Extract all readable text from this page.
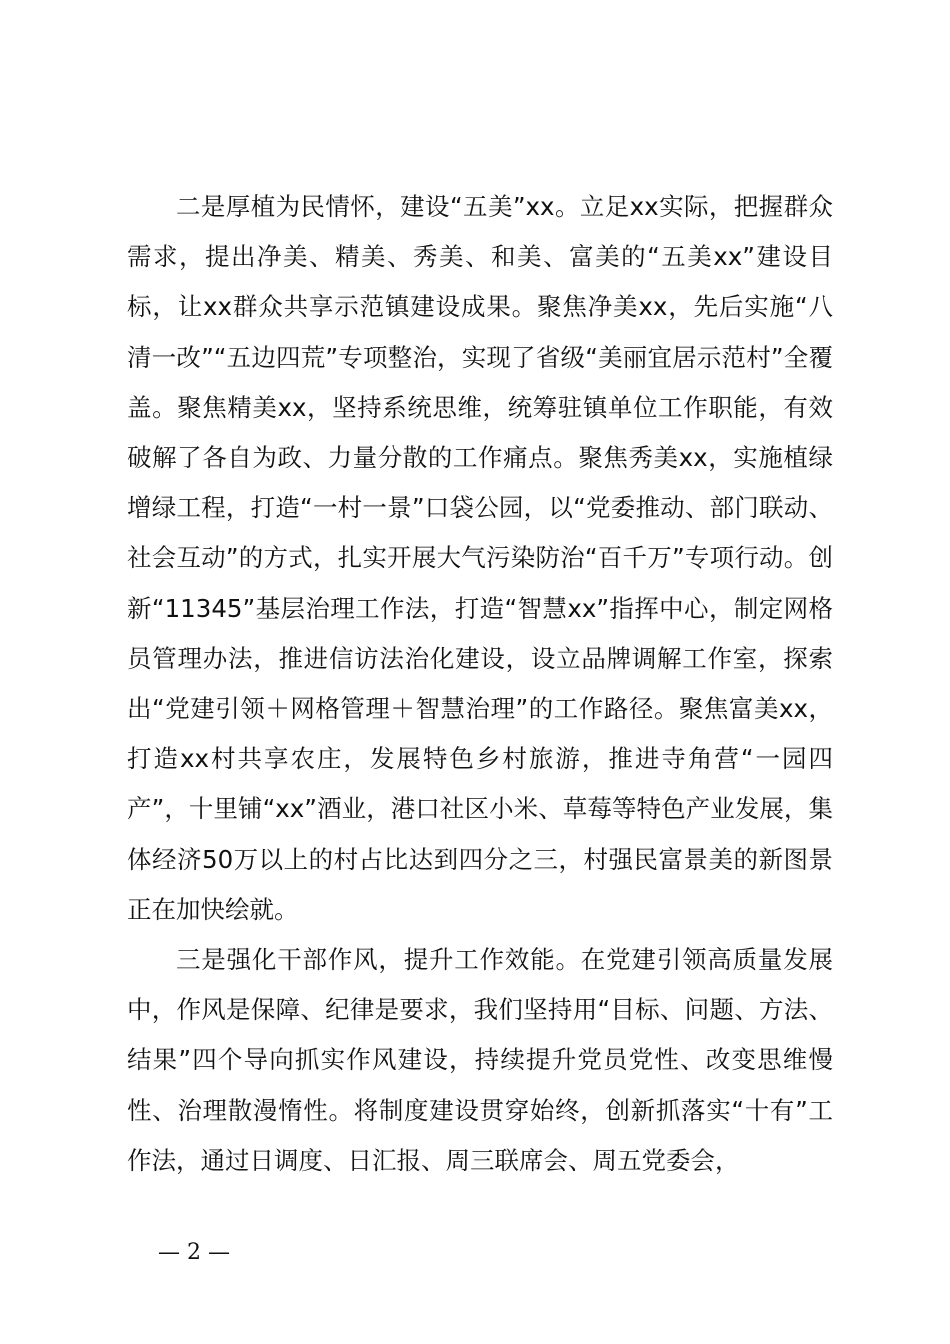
二是厚植为民情怀，建设“五美”xx。立足xx实际，把握群众需求，提出净美、精美、秀美、和美、富美的“五美xx”建设目标，让xx群众共享示范镇建设成果。聚焦净美xx，先后实施“八清一改”“五边四荒”专项整治，实现了省级“美丽宜居示范村”全覆盖。聚焦精美xx，坚持系统思维，统筹驻镇单位工作职能，有效破解了各自为政、力量分散的工作痛点。聚焦秀美xx，实施植绿增绿工程，打造“一村一景”口袋公园，以“党委推动、部门联动、社会互动”的方式，扎实开展大气污染防治“百千万”专项行动。创新“11345”基层治理工作法，打造“智慧xx”指挥中心，制定网格员管理办法，推进信访法治化建设，设立品牌调解工作室，探索出“党建引领＋网格管理＋智慧治理”的工作路径。聚焦富美xx，打造xx村共享农庄，发展特色乡村旅游，推进寺角营“一园四产”，十里铺“xx”酒业，港口社区小米、草莓等特色产业发展，集体经济50万以上的村占比达到四分之三，村强民富景美的新图景正在加快绘就。

三是强化干部作风，提升工作效能。在党建引领高质量发展中，作风是保障、纪律是要求，我们坚持用“目标、问题、方法、结果”四个导向抓实作风建设，持续提升党员党性、改变思维慢性、治理散漫惰性。将制度建设贯穿始终，创新抓落实“十有”工作法，通过日调度、日汇报、周三联席会、周五党委会，

— 2 —
